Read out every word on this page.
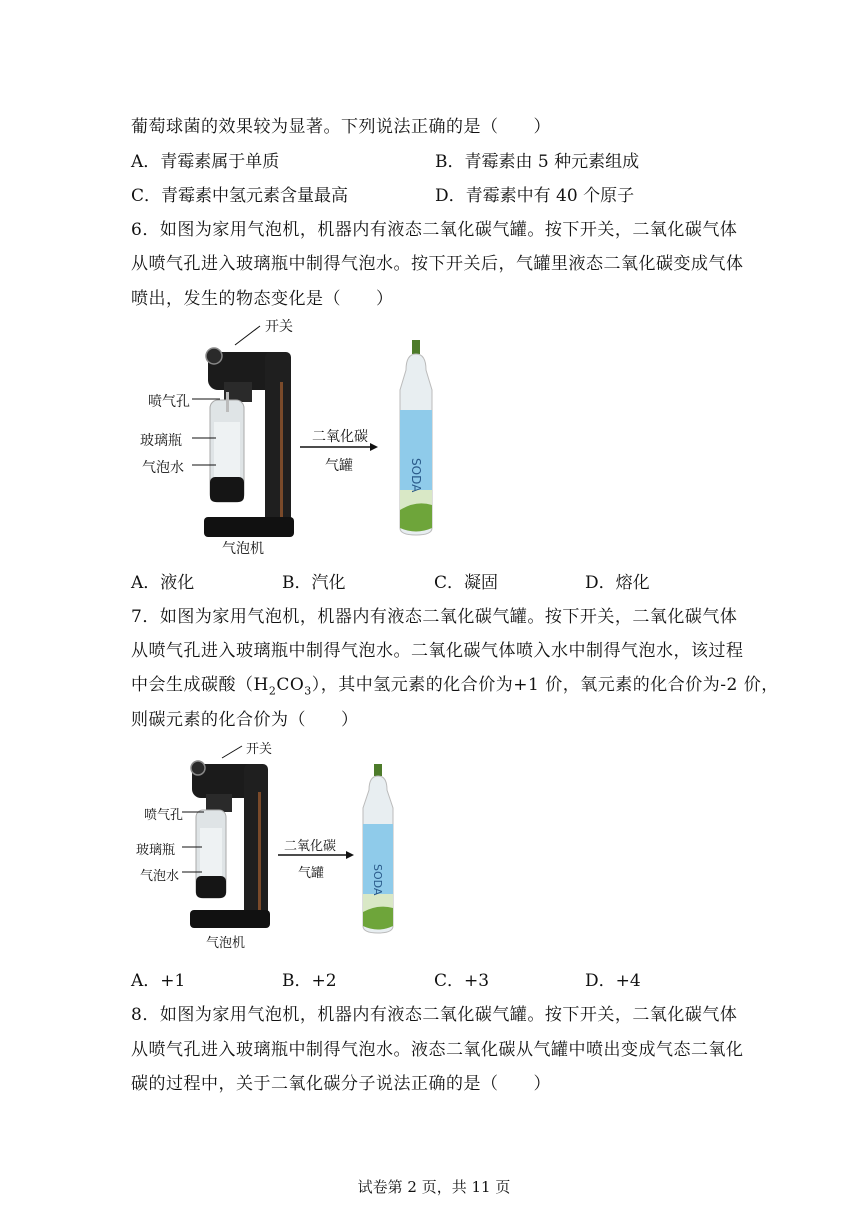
葡萄球菌的效果较为显著。下列说法正确的是（　　）
A．青霉素属于单质	B．青霉素由 5 种元素组成
C．青霉素中氢元素含量最高	D．青霉素中有 40 个原子
6．如图为家用气泡机，机器内有液态二氧化碳气罐。按下开关，二氧化碳气体
从喷气孔进入玻璃瓶中制得气泡水。按下开关后，气罐里液态二氧化碳变成气体
喷出，发生的物态变化是（　　）
开关
喷气孔
玻璃瓶
气泡水
气泡机
二氧化碳
气罐	SODA
A．液化	B．汽化	C．凝固	D．熔化
7．如图为家用气泡机，机器内有液态二氧化碳气罐。按下开关，二氧化碳气体
从喷气孔进入玻璃瓶中制得气泡水。二氧化碳气体喷入水中制得气泡水，该过程
中会生成碳酸$(H_2CO_3)$，其中氢元素的化合价为+1 价，氧元素的化合价为-2 价，
则碳元素的化合价为（　　）
开关
喷气孔
玻璃瓶
气泡水
气泡机
二氧化碳
气罐	SODA
A．+1	B．+2	C．+3	D．+4
8．如图为家用气泡机，机器内有液态二氧化碳气罐。按下开关，二氧化碳气体
从喷气孔进入玻璃瓶中制得气泡水。液态二氧化碳从气罐中喷出变成气态二氧化
碳的过程中，关于二氧化碳分子说法正确的是（　　）
试卷第 2 页，共 11 页
